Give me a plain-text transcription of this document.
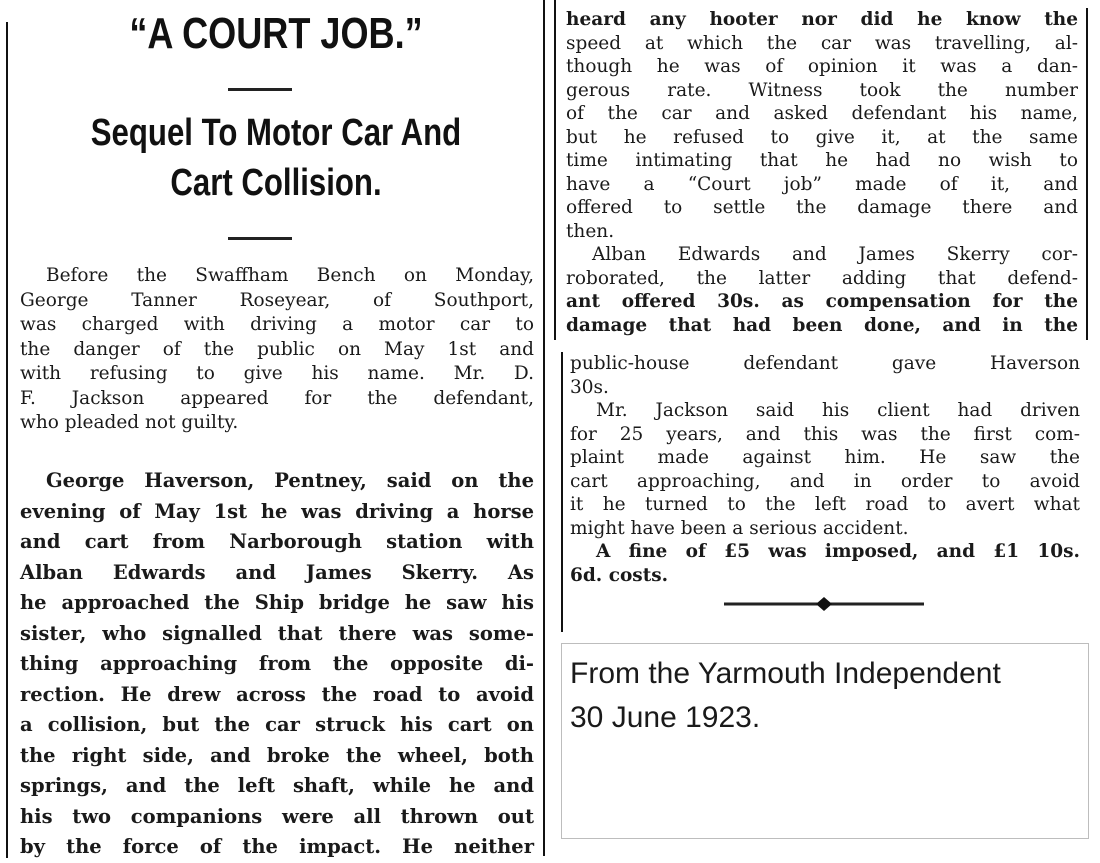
“A COURT JOB.”
Sequel To Motor Car And
Cart Collision.
Before the Swaffham Bench on Monday,
George Tanner Roseyear, of Southport,
was charged with driving a motor car to
the danger of the public on May 1st and
with refusing to give his name. Mr. D.
F. Jackson appeared for the defendant,
who pleaded not guilty.
George Haverson, Pentney, said on the
evening of May 1st he was driving a horse
and cart from Narborough station with
Alban Edwards and James Skerry. As
he approached the Ship bridge he saw his
sister, who signalled that there was some-
thing approaching from the opposite di-
rection. He drew across the road to avoid
a collision, but the car struck his cart on
the right side, and broke the wheel, both
springs, and the left shaft, while he and
his two companions were all thrown out
by the force of the impact. He neither
heard any hooter nor did he know the
speed at which the car was travelling, al-
though he was of opinion it was a dan-
gerous rate. Witness took the number
of the car and asked defendant his name,
but he refused to give it, at the same
time intimating that he had no wish to
have a “Court job” made of it, and
offered to settle the damage there and
then.
Alban Edwards and James Skerry cor-
roborated, the latter adding that defend-
ant offered 30s. as compensation for the
damage that had been done, and in the
public-house defendant gave Haverson
30s.
Mr. Jackson said his client had driven
for 25 years, and this was the first com-
plaint made against him. He saw the
cart approaching, and in order to avoid
it he turned to the left road to avert what
might have been a serious accident.
A fine of £5 was imposed, and £1 10s.
6d. costs.
From the Yarmouth Independent
30 June 1923.
